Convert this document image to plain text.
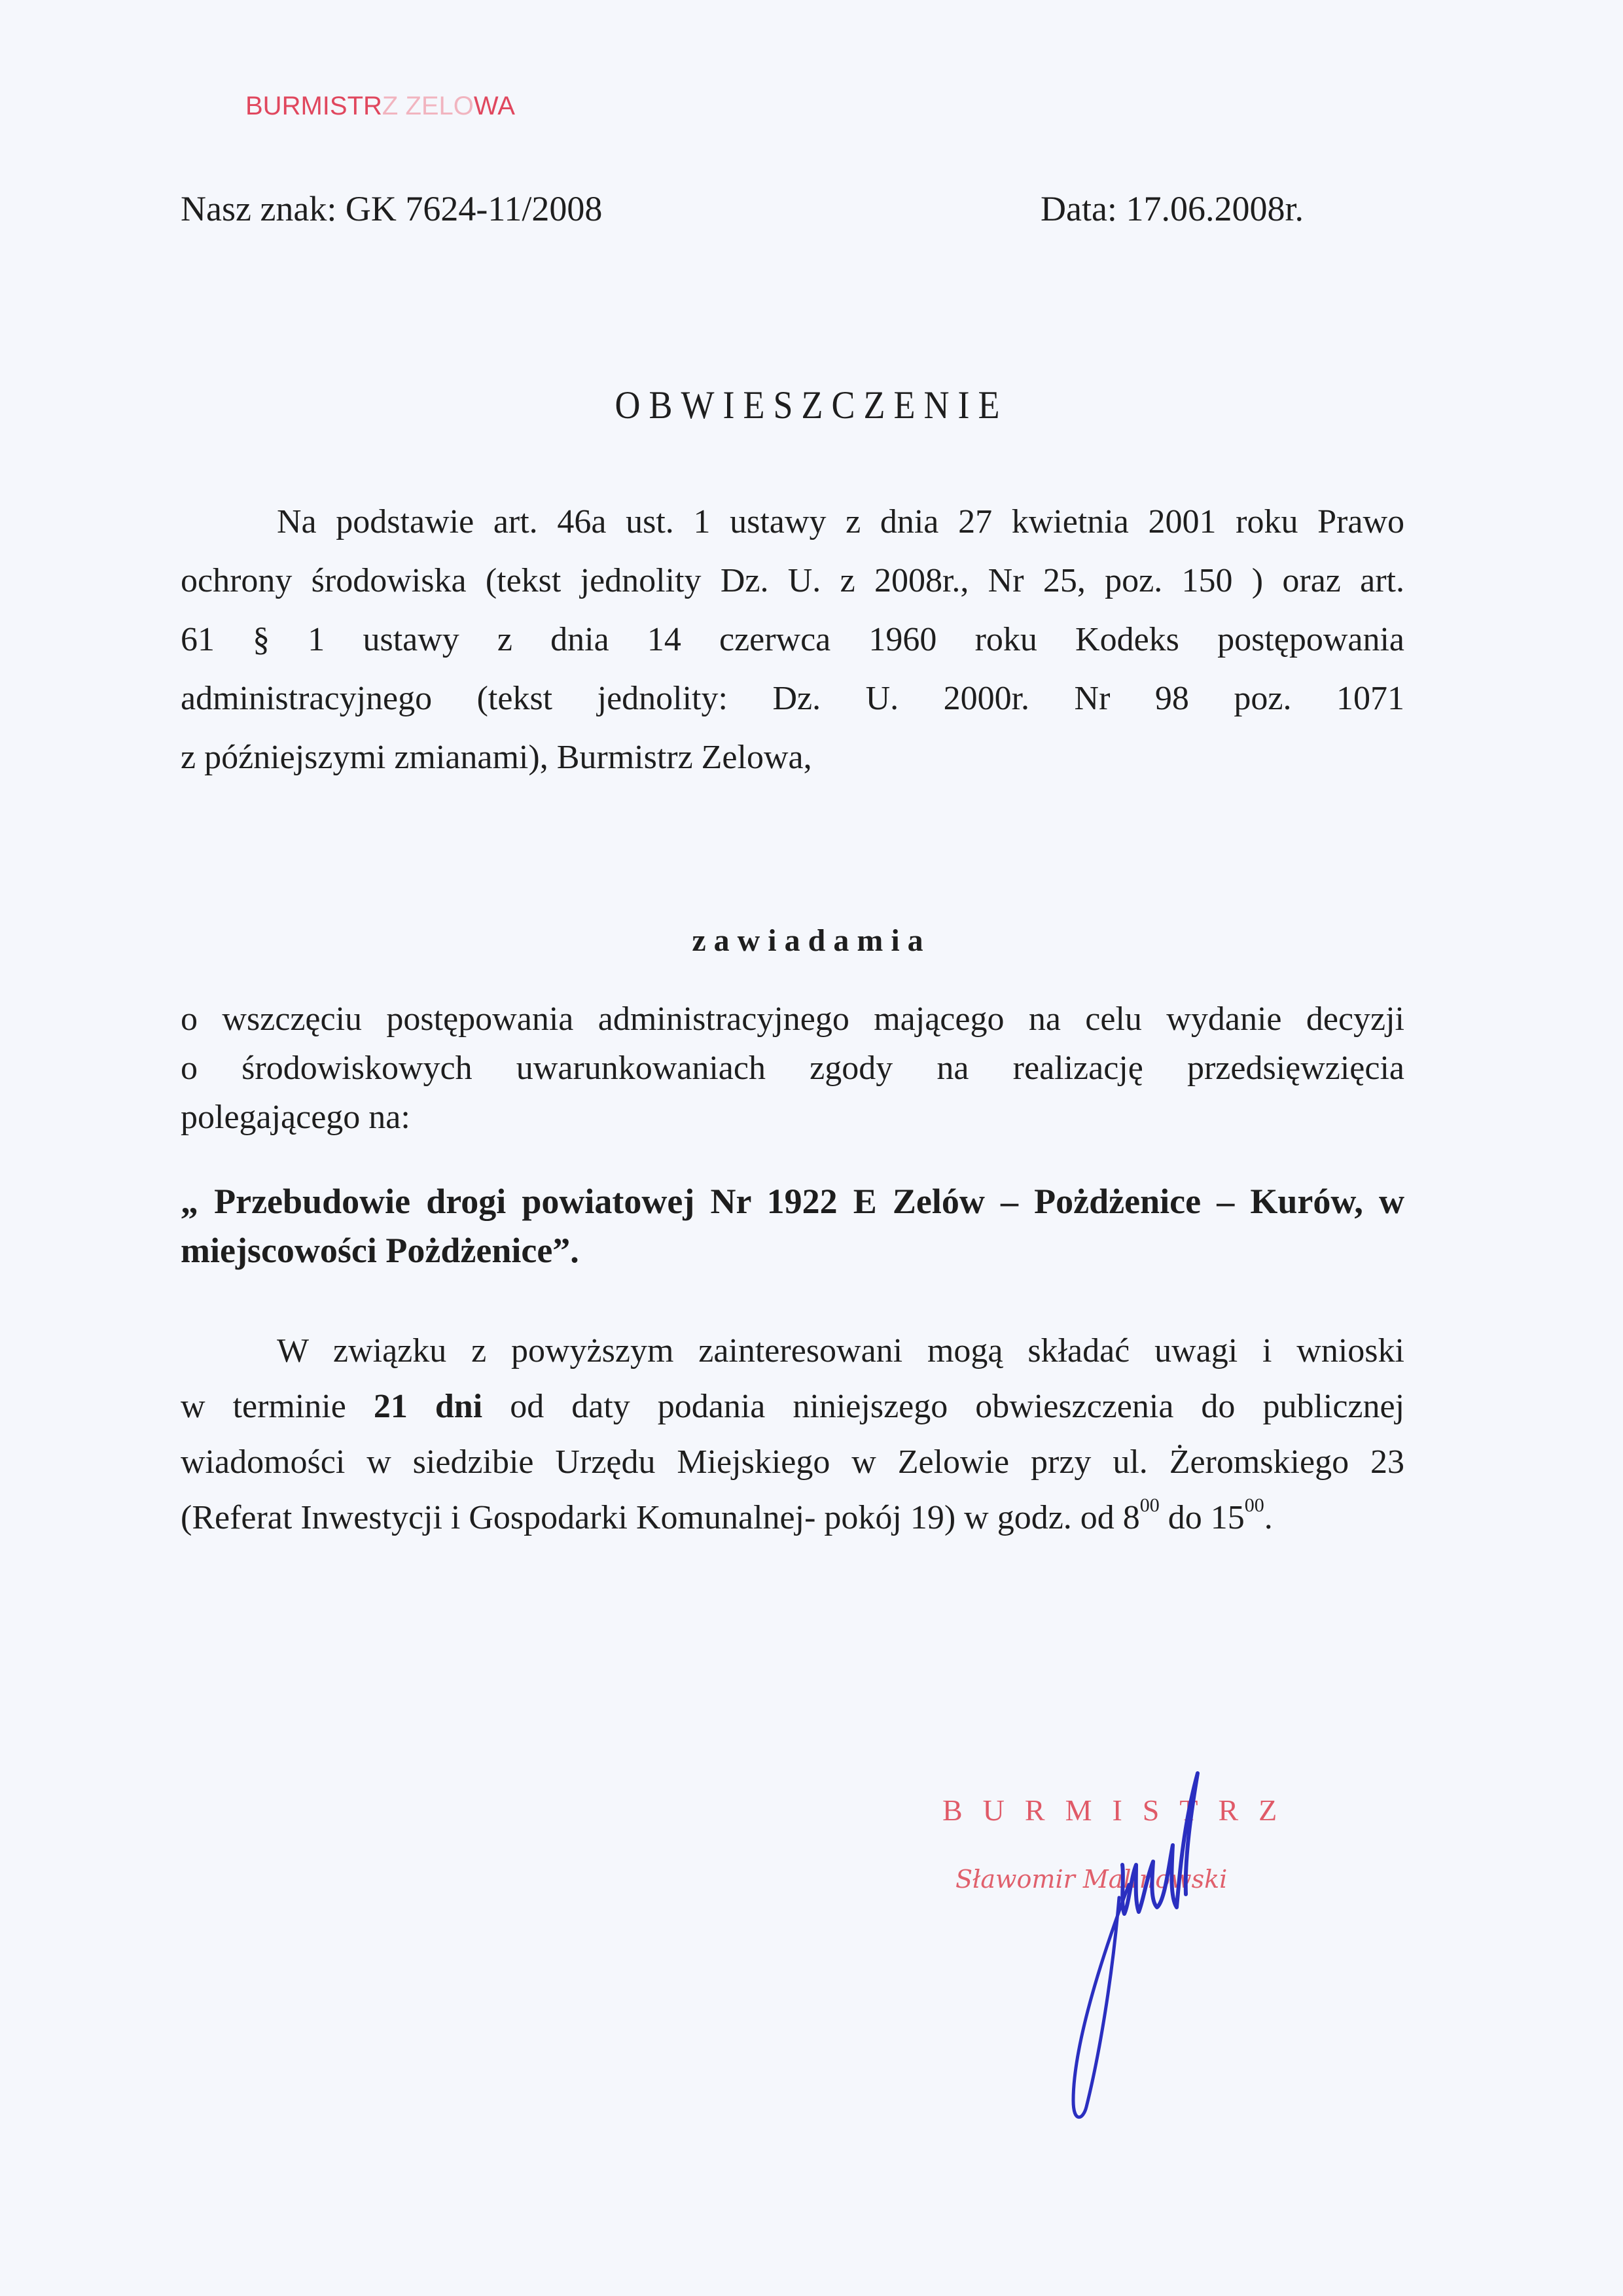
BURMISTRZ ZELOWA
Nasz znak: GK 7624-11/2008	Data: 17.06.2008r.
OBWIESZCZENIE
Na podstawie art. 46a ust. 1 ustawy z dnia 27 kwietnia 2001 roku Prawo
ochrony środowiska (tekst jednolity Dz. U. z 2008r., Nr 25, poz. 150 ) oraz art.
61 § 1 ustawy z dnia 14 czerwca 1960 roku Kodeks postępowania
administracyjnego (tekst jednolity: Dz. U. 2000r. Nr 98 poz. 1071
z późniejszymi zmianami), Burmistrz Zelowa,
zawiadamia
o wszczęciu postępowania administracyjnego mającego na celu wydanie decyzji
o środowiskowych uwarunkowaniach zgody na realizację przedsięwzięcia
polegającego na:
„ Przebudowie drogi powiatowej Nr 1922 E Zelów – Pożdżenice – Kurów, w
miejscowości Pożdżenice”.
W związku z powyższym zainteresowani mogą składać uwagi i wnioski
w terminie 21 dni od daty podania niniejszego obwieszczenia do publicznej
wiadomości w siedzibie Urzędu Miejskiego w Zelowie przy ul. Żeromskiego 23
(Referat Inwestycji i Gospodarki Komunalnej- pokój 19) w godz. od $8^{00}$ do $15^{00}$.
BURMISTRZ
Sławomir Malinowski
